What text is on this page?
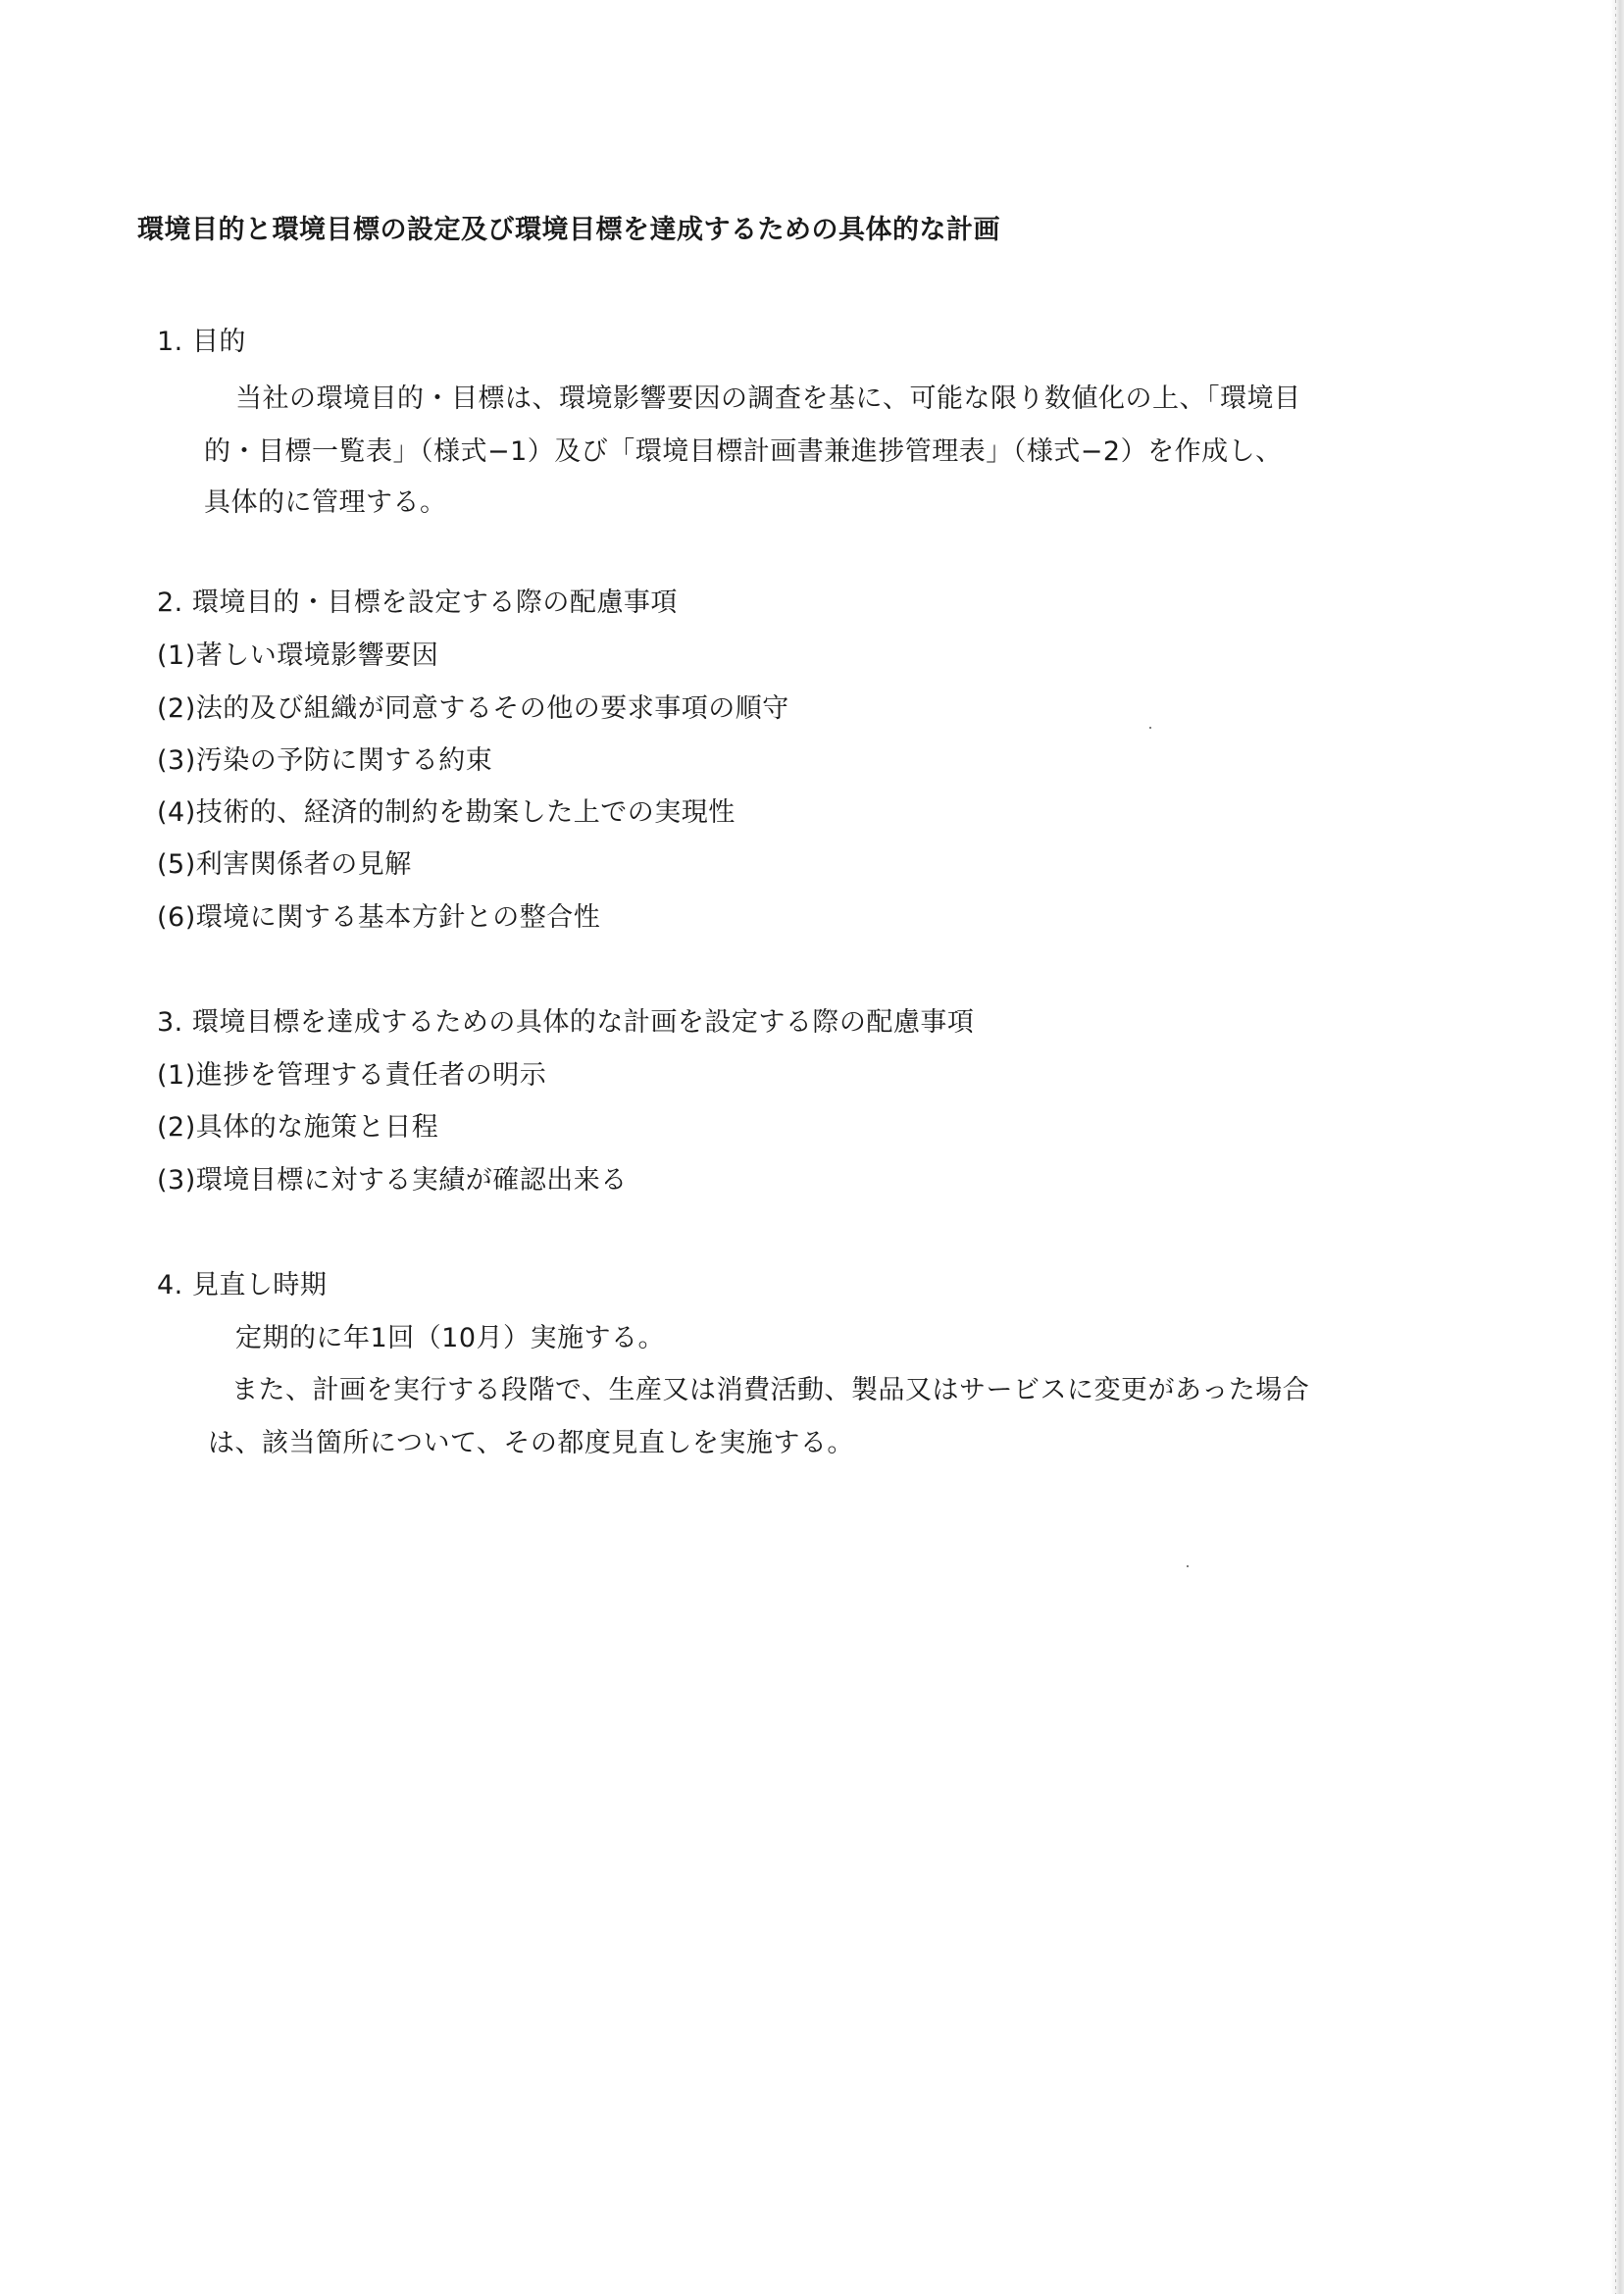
環境目的と環境目標の設定及び環境目標を達成するための具体的な計画
1. 目的
当社の環境目的・目標は、環境影響要因の調査を基に、可能な限り数値化の上、「環境目
的・目標一覧表」（様式−1）及び「環境目標計画書兼進捗管理表」（様式−2）を作成し、
具体的に管理する。
2. 環境目的・目標を設定する際の配慮事項
(1)著しい環境影響要因
(2)法的及び組織が同意するその他の要求事項の順守
(3)汚染の予防に関する約束
(4)技術的、経済的制約を勘案した上での実現性
(5)利害関係者の見解
(6)環境に関する基本方針との整合性
3. 環境目標を達成するための具体的な計画を設定する際の配慮事項
(1)進捗を管理する責任者の明示
(2)具体的な施策と日程
(3)環境目標に対する実績が確認出来る
4. 見直し時期
定期的に年1回（10月）実施する。
また、計画を実行する段階で、生産又は消費活動、製品又はサービスに変更があった場合
は、該当箇所について、その都度見直しを実施する。
